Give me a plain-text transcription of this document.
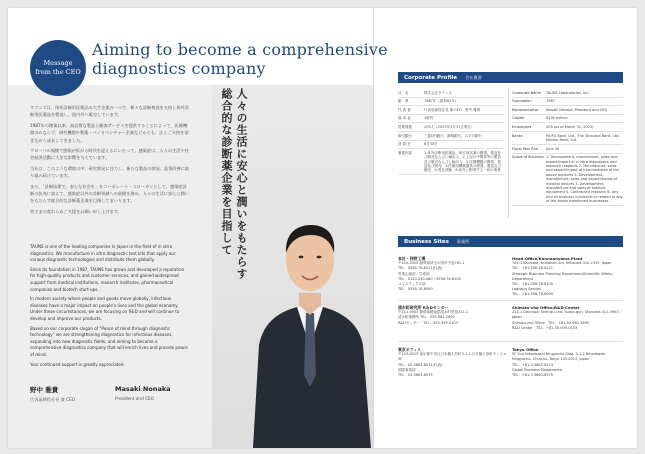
Message
from the CEO
Aiming to become a comprehensive
diagnostics company

タウンズは、体外診断用医薬品の大手企業の一つで、様々な診断検査を支持し体外診断用医薬品を製造し、国内外へ販売しています。

1987年の創業以来、高品質な製品と顧客サービスを提供することによって、医療機関のみならず、研究機関や製薬・バイオベンチャー企業などからも、広くご支持を頂きながら成長してきました。

グローバル規模で感染が拡がる時代を迎えるにいたって、感染症は、人々の生活や社会経済活動に大きな影響を与えています。

当社は、このような環境の中、研究開発に注力し、新たな製品の開発、品質改善に取り組み続けています。

また、「診断技術で、安心な社会を」をコーポレート・スローガンとして、感染症診断の拡充に加えて、感染症以外の診断領域への展開を進め、人々の生活に安心と潤いをもたらす総合的な診断薬企業を目指してまいります。

皆さまの変わらぬご支援をお願い申し上げます。

TAUNS is one of the leading companies in Japan in the field of in vitro diagnostics. We manufacture in vitro diagnostic test kits that apply our various diagnostic technologies and distribute them globally.

Since its foundation in 1987, TAUNS has grown and developed a reputation for high-quality products and customer services, and gained widespread support from medical institutions, research institutes, pharmaceutical companies and biotech start-ups.

In modern society where people and goods move globally, infectious diseases have a major impact on people's lives and the global economy. Under these circumstances, we are focusing on R&D and will continue to develop and improve our products.

Based on our corporate slogan of "Peace of mind through diagnostic technology" we are strengthening diagnostics for infectious diseases, expanding into new diagnostic fields, and aiming to become a comprehensive diagnostics company that will enrich lives and provide peace of mind.

Your continued support is greatly appreciated.

野中 雅貴
代表取締役社長 兼 CEO
Masaki Nonaka
President and CEO
人々の生活に安心と潤いをもたらす
総合的な診断薬企業を目指して
Corporate Profile 会社概要
社　名	株式会社タウンズ
創　業	1987年（昭和62年）
代 表 者	代表取締役社長 兼 CEO　野中 雅貴
資 本 金	1億円
従業員数	205人（2023年3月31日現在）
取引銀行	三菱UFJ銀行、静岡銀行、みずほ銀行
決 算 日	6月30日
事業内容	1.体外診断用医薬品、研究用試薬の開発、製造及び販売ならびに輸出入　2.上記の中間体等の製造及び販売ならびに輸出入　3.医療機器の開発、製造及び販売　4.医療用機械器具の開発、製造及び販売　5.受託試験　6.前号に附帯する一切の事業
Corporate Name	TAUNS Laboratories, Inc.
Foundation	1987
Representative	Masaki Nonaka, President and CEO
Capital	¥100 million
Employees	205 (as of March 31, 2023)
Banks	MUFG Bank, Ltd., The Shizuoka Bank, Ltd., Mizuho Bank, Ltd.
Fiscal Year End	June 30
Scope of Business 1. Development, manufacture, sales and export/import of in vitro diagnostics and research reagents 2. Manufacture, sales and export/import of intermediates of the above products 3. Development, manufacture, sales and export/import of medical devices 4. Development, manufacture and sales of medical equipment 5. Contracted research 6. Any and all business incidental or related to any of the above mentioned businesses
Business Sites 事業所
本社・狩野工場
〒410-2325 静岡県伊豆の国市中島761-1
TEL：0558-76-8121(代表)
営業企画部・学術部
TEL：0120-240-480 / 0558-76-8100
ロジスティクス部
TEL：0558-76-8090
Head Office/Kannamiyama Plant
761-1 Kannaka, Izunokuni-shi, Shizuoka 410-2325, Japan
TEL：+81-558-76-8121
Strategic Business Planning Department/Scientific Affairs Department
TEL：+81-558-76-8100
Logistics Section
TEL：+81-558-76-8090
清水町研究所 R＆Dセンター
〒411-0903 静岡県駿東郡清水町堂庭221-1
清水町事務所 TEL：055-981-2690
R&Dセンター　TEL：055-939-0103
Shimizu-cho Office/R&D Center
221-1 Douniwa, Shimizu-cho, Sunto-gun, Shizuoka 411-0903, Japan
Shimizu-cho Office　TEL：+81-55-981-2690
R&D Center　TEL：+81-55-939-0103
東京オフィス
〒103-0013 東京都中央区日本橋人形町3-1-2 日本橋人形町サンビル5F
TEL：03-3663-8574(代表)
国際事業部
TEL：03-3663-8575
Tokyo Office
5F Sun Nihonbashi Ningyocho Bldg. 3-1-2 Nihonbashi Ningyocho, Chuo-ku, Tokyo 103-0013, Japan
TEL：+81-3-3663-8574
Global Business Department
TEL：+81-3-3663-8575
